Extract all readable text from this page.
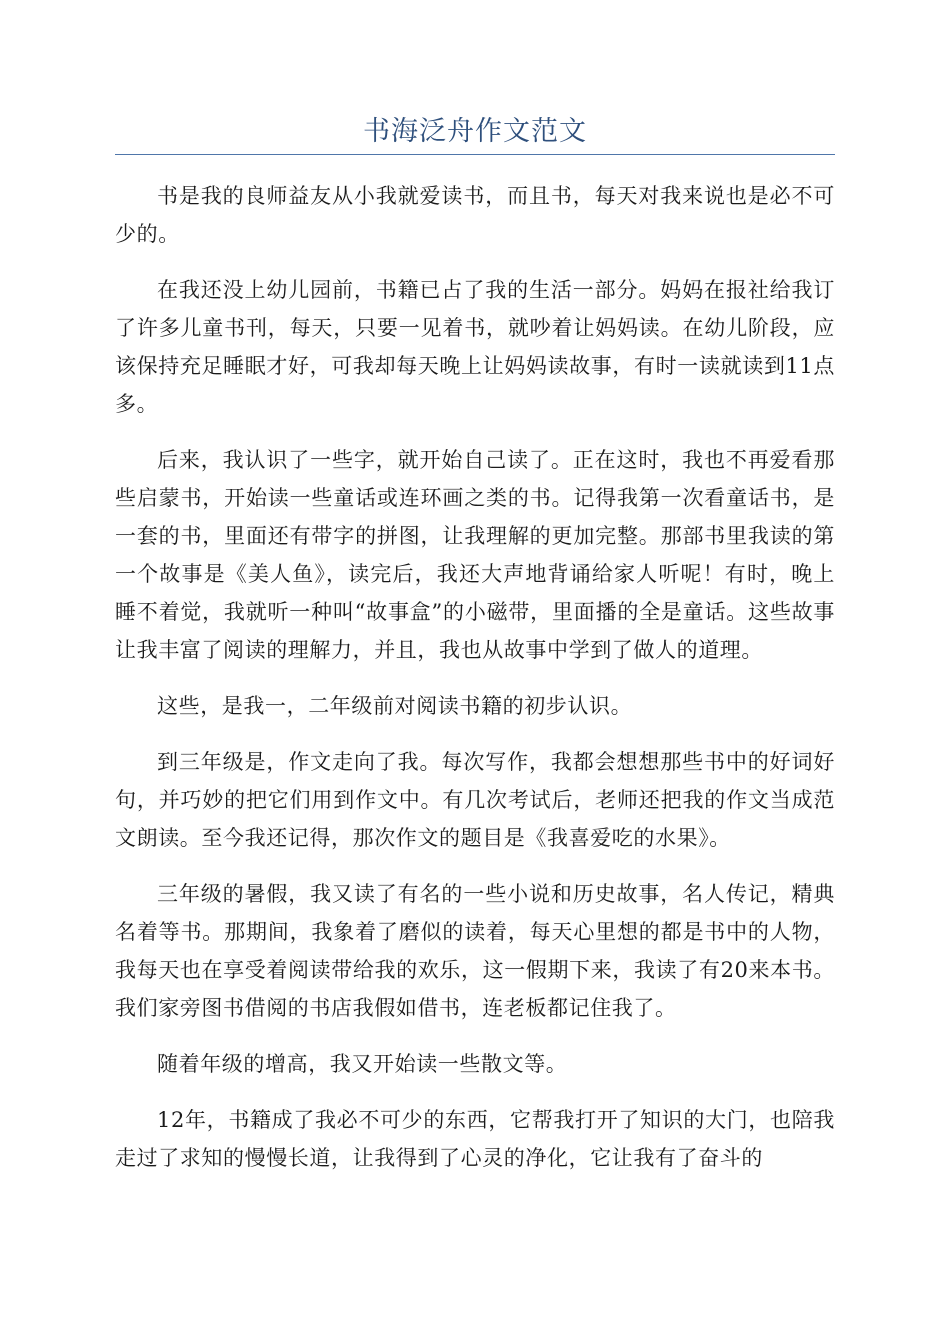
书海泛舟作文范文

书是我的良师益友从小我就爱读书，而且书，每天对我来说也是必不可少的。

在我还没上幼儿园前，书籍已占了我的生活一部分。妈妈在报社给我订了许多儿童书刊，每天，只要一见着书，就吵着让妈妈读。在幼儿阶段，应该保持充足睡眠才好，可我却每天晚上让妈妈读故事，有时一读就读到11点多。

后来，我认识了一些字，就开始自己读了。正在这时，我也不再爱看那些启蒙书，开始读一些童话或连环画之类的书。记得我第一次看童话书，是一套的书，里面还有带字的拼图，让我理解的更加完整。那部书里我读的第一个故事是《美人鱼》，读完后，我还大声地背诵给家人听呢！有时，晚上睡不着觉，我就听一种叫“故事盒”的小磁带，里面播的全是童话。这些故事让我丰富了阅读的理解力，并且，我也从故事中学到了做人的道理。

这些，是我一，二年级前对阅读书籍的初步认识。

到三年级是，作文走向了我。每次写作，我都会想想那些书中的好词好句，并巧妙的把它们用到作文中。有几次考试后，老师还把我的作文当成范文朗读。至今我还记得，那次作文的题目是《我喜爱吃的水果》。

三年级的暑假，我又读了有名的一些小说和历史故事，名人传记，精典名着等书。那期间，我象着了磨似的读着，每天心里想的都是书中的人物，我每天也在享受着阅读带给我的欢乐，这一假期下来，我读了有20来本书。我们家旁图书借阅的书店我假如借书，连老板都记住我了。

随着年级的增高，我又开始读一些散文等。

12年，书籍成了我必不可少的东西，它帮我打开了知识的大门，也陪我走过了求知的慢慢长道，让我得到了心灵的净化，它让我有了奋斗的
